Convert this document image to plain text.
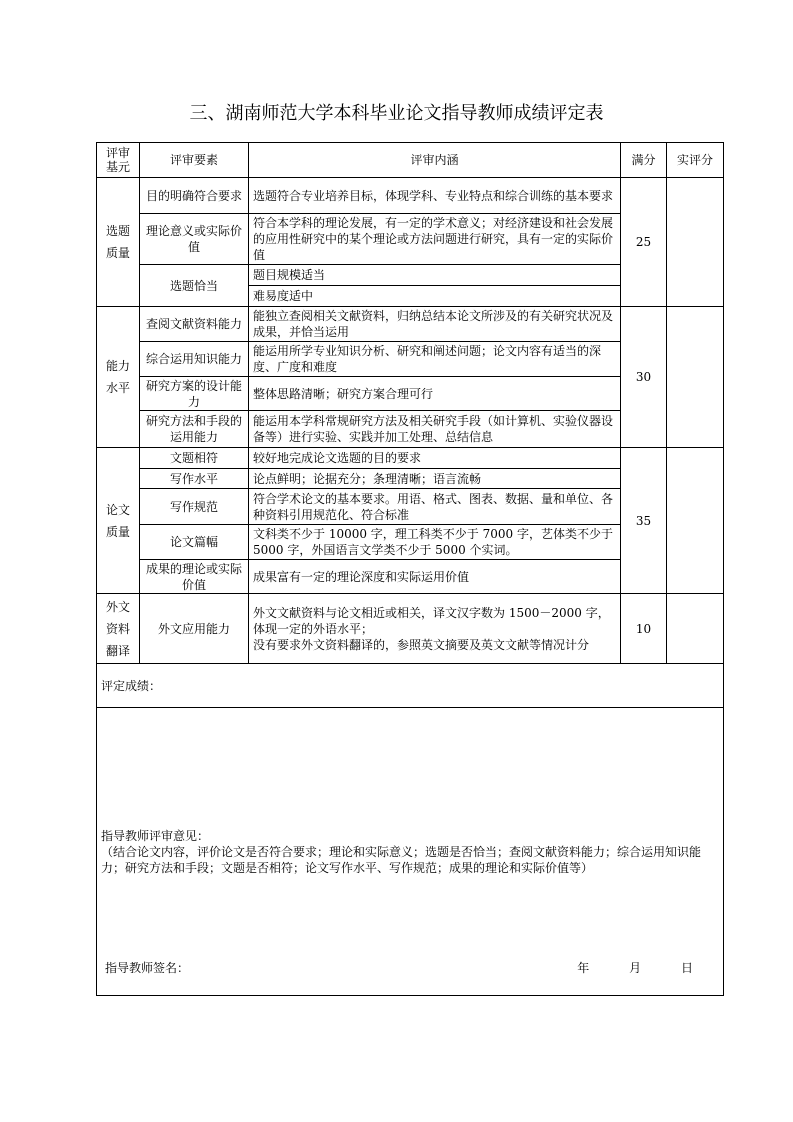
三、湖南师范大学本科毕业论文指导教师成绩评定表
评审基元	评审要素	评审内涵	满分	实评分
选题质量	目的明确符合要求	选题符合专业培养目标，体现学科、专业特点和综合训练的基本要求	25	
	理论意义或实际价值	符合本学科的理论发展，有一定的学术意义；对经济建设和社会发展的应用性研究中的某个理论或方法问题进行研究，具有一定的实际价值		
	选题恰当	题目规模适当		
		难易度适中		
能力水平	查阅文献资料能力	能独立查阅相关文献资料，归纳总结本论文所涉及的有关研究状况及成果，并恰当运用	30	
	综合运用知识能力	能运用所学专业知识分析、研究和阐述问题；论文内容有适当的深度、广度和难度		
	研究方案的设计能力	整体思路清晰；研究方案合理可行		
	研究方法和手段的运用能力	能运用本学科常规研究方法及相关研究手段（如计算机、实验仪器设备等）进行实验、实践并加工处理、总结信息		
论文质量	文题相符	较好地完成论文选题的目的要求	35	
	写作水平	论点鲜明；论据充分；条理清晰；语言流畅		
	写作规范	符合学术论文的基本要求。用语、格式、图表、数据、量和单位、各种资料引用规范化、符合标准		
	论文篇幅	文科类不少于 10000 字，理工科类不少于 7000 字，艺体类不少于 5000 字，外国语言文学类不少于 5000 个实词。		
	成果的理论或实际价值	成果富有一定的理论深度和实际运用价值		
外文资料翻译	外文应用能力	外文文献资料与论文相近或相关，译文汉字数为 1500－2000 字，体现一定的外语水平；
没有要求外文资料翻译的，参照英文摘要及英文文献等情况计分	10	
评定成绩：				

指导教师评审意见：
（结合论文内容，评价论文是否符合要求；理论和实际意义；选题是否恰当；查阅文献资料能力；综合运用知识能力；研究方法和手段；文题是否相符；论文写作水平、写作规范；成果的理论和实际价值等）
指导教师签名： 年 月 日				
